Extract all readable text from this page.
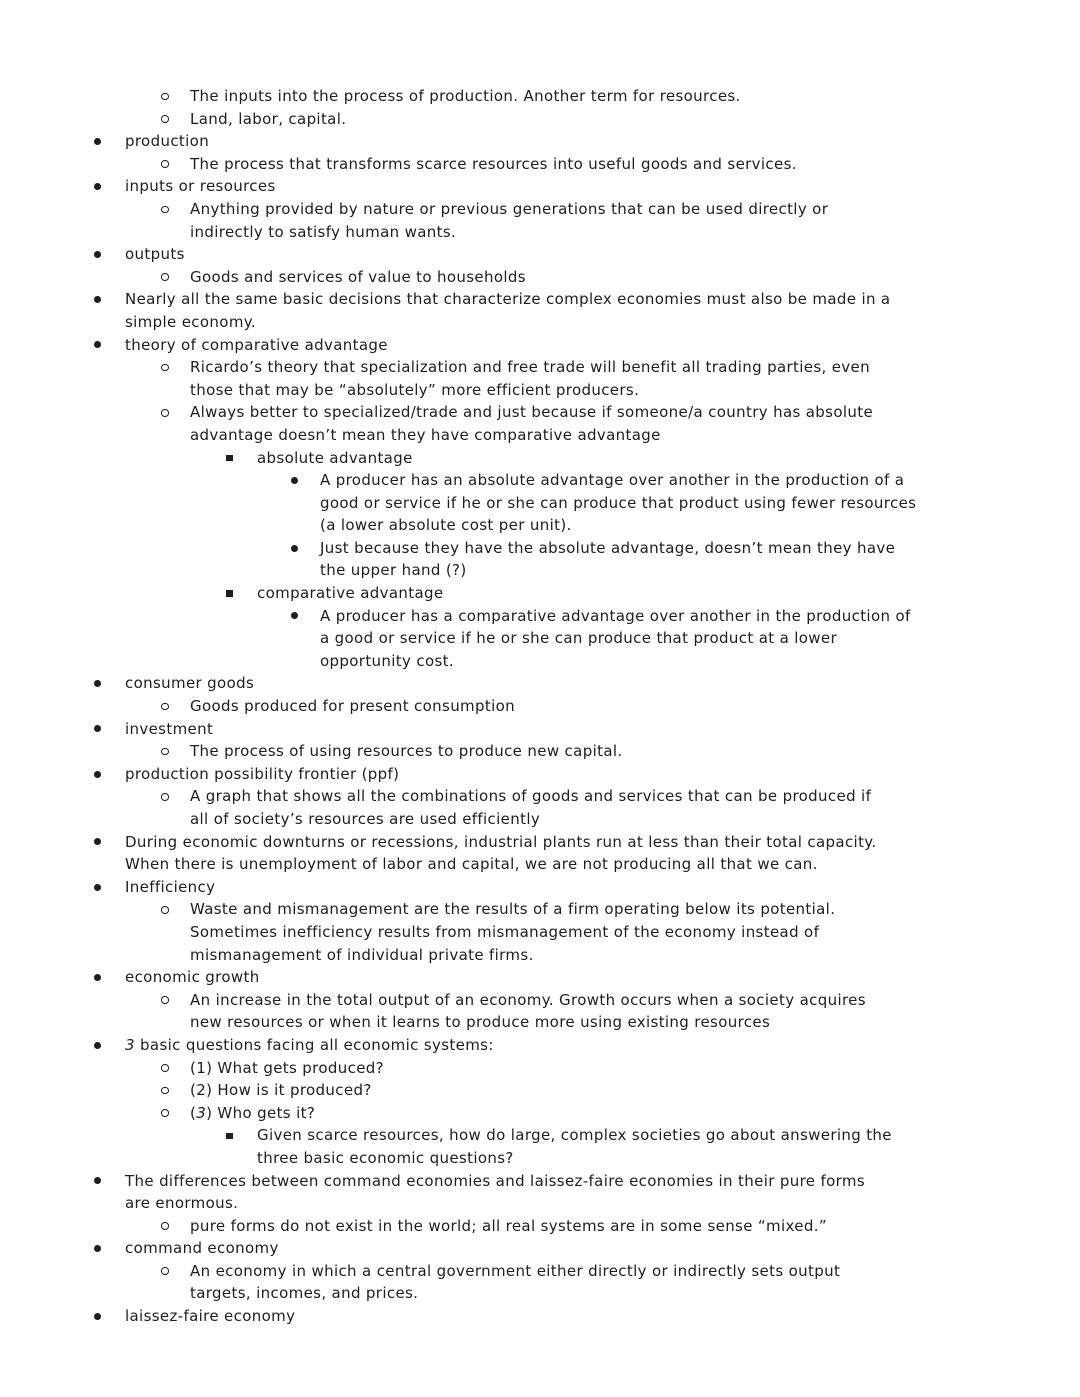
The inputs into the process of production. Another term for resources.
Land, labor, capital.
production
The process that transforms scarce resources into useful goods and services.
inputs or resources
Anything provided by nature or previous generations that can be used directly or
indirectly to satisfy human wants.
outputs
Goods and services of value to households
Nearly all the same basic decisions that characterize complex economies must also be made in a
simple economy.
theory of comparative advantage
Ricardo’s theory that specialization and free trade will benefit all trading parties, even
those that may be “absolutely” more efficient producers.
Always better to specialized/trade and just because if someone/a country has absolute
advantage doesn’t mean they have comparative advantage
absolute advantage
A producer has an absolute advantage over another in the production of a
good or service if he or she can produce that product using fewer resources
(a lower absolute cost per unit).
Just because they have the absolute advantage, doesn’t mean they have
the upper hand (?)
comparative advantage
A producer has a comparative advantage over another in the production of
a good or service if he or she can produce that product at a lower
opportunity cost.
consumer goods
Goods produced for present consumption
investment
The process of using resources to produce new capital.
production possibility frontier (ppf)
A graph that shows all the combinations of goods and services that can be produced if
all of society’s resources are used efficiently
During economic downturns or recessions, industrial plants run at less than their total capacity.
When there is unemployment of labor and capital, we are not producing all that we can.
Inefficiency
Waste and mismanagement are the results of a firm operating below its potential.
Sometimes inefficiency results from mismanagement of the economy instead of
mismanagement of individual private firms.
economic growth
An increase in the total output of an economy. Growth occurs when a society acquires
new resources or when it learns to produce more using existing resources
3 basic questions facing all economic systems:
(1) What gets produced?
(2) How is it produced?
(3) Who gets it?
Given scarce resources, how do large, complex societies go about answering the
three basic economic questions?
The differences between command economies and laissez-faire economies in their pure forms
are enormous.
pure forms do not exist in the world; all real systems are in some sense “mixed.”
command economy
An economy in which a central government either directly or indirectly sets output
targets, incomes, and prices.
laissez-faire economy
